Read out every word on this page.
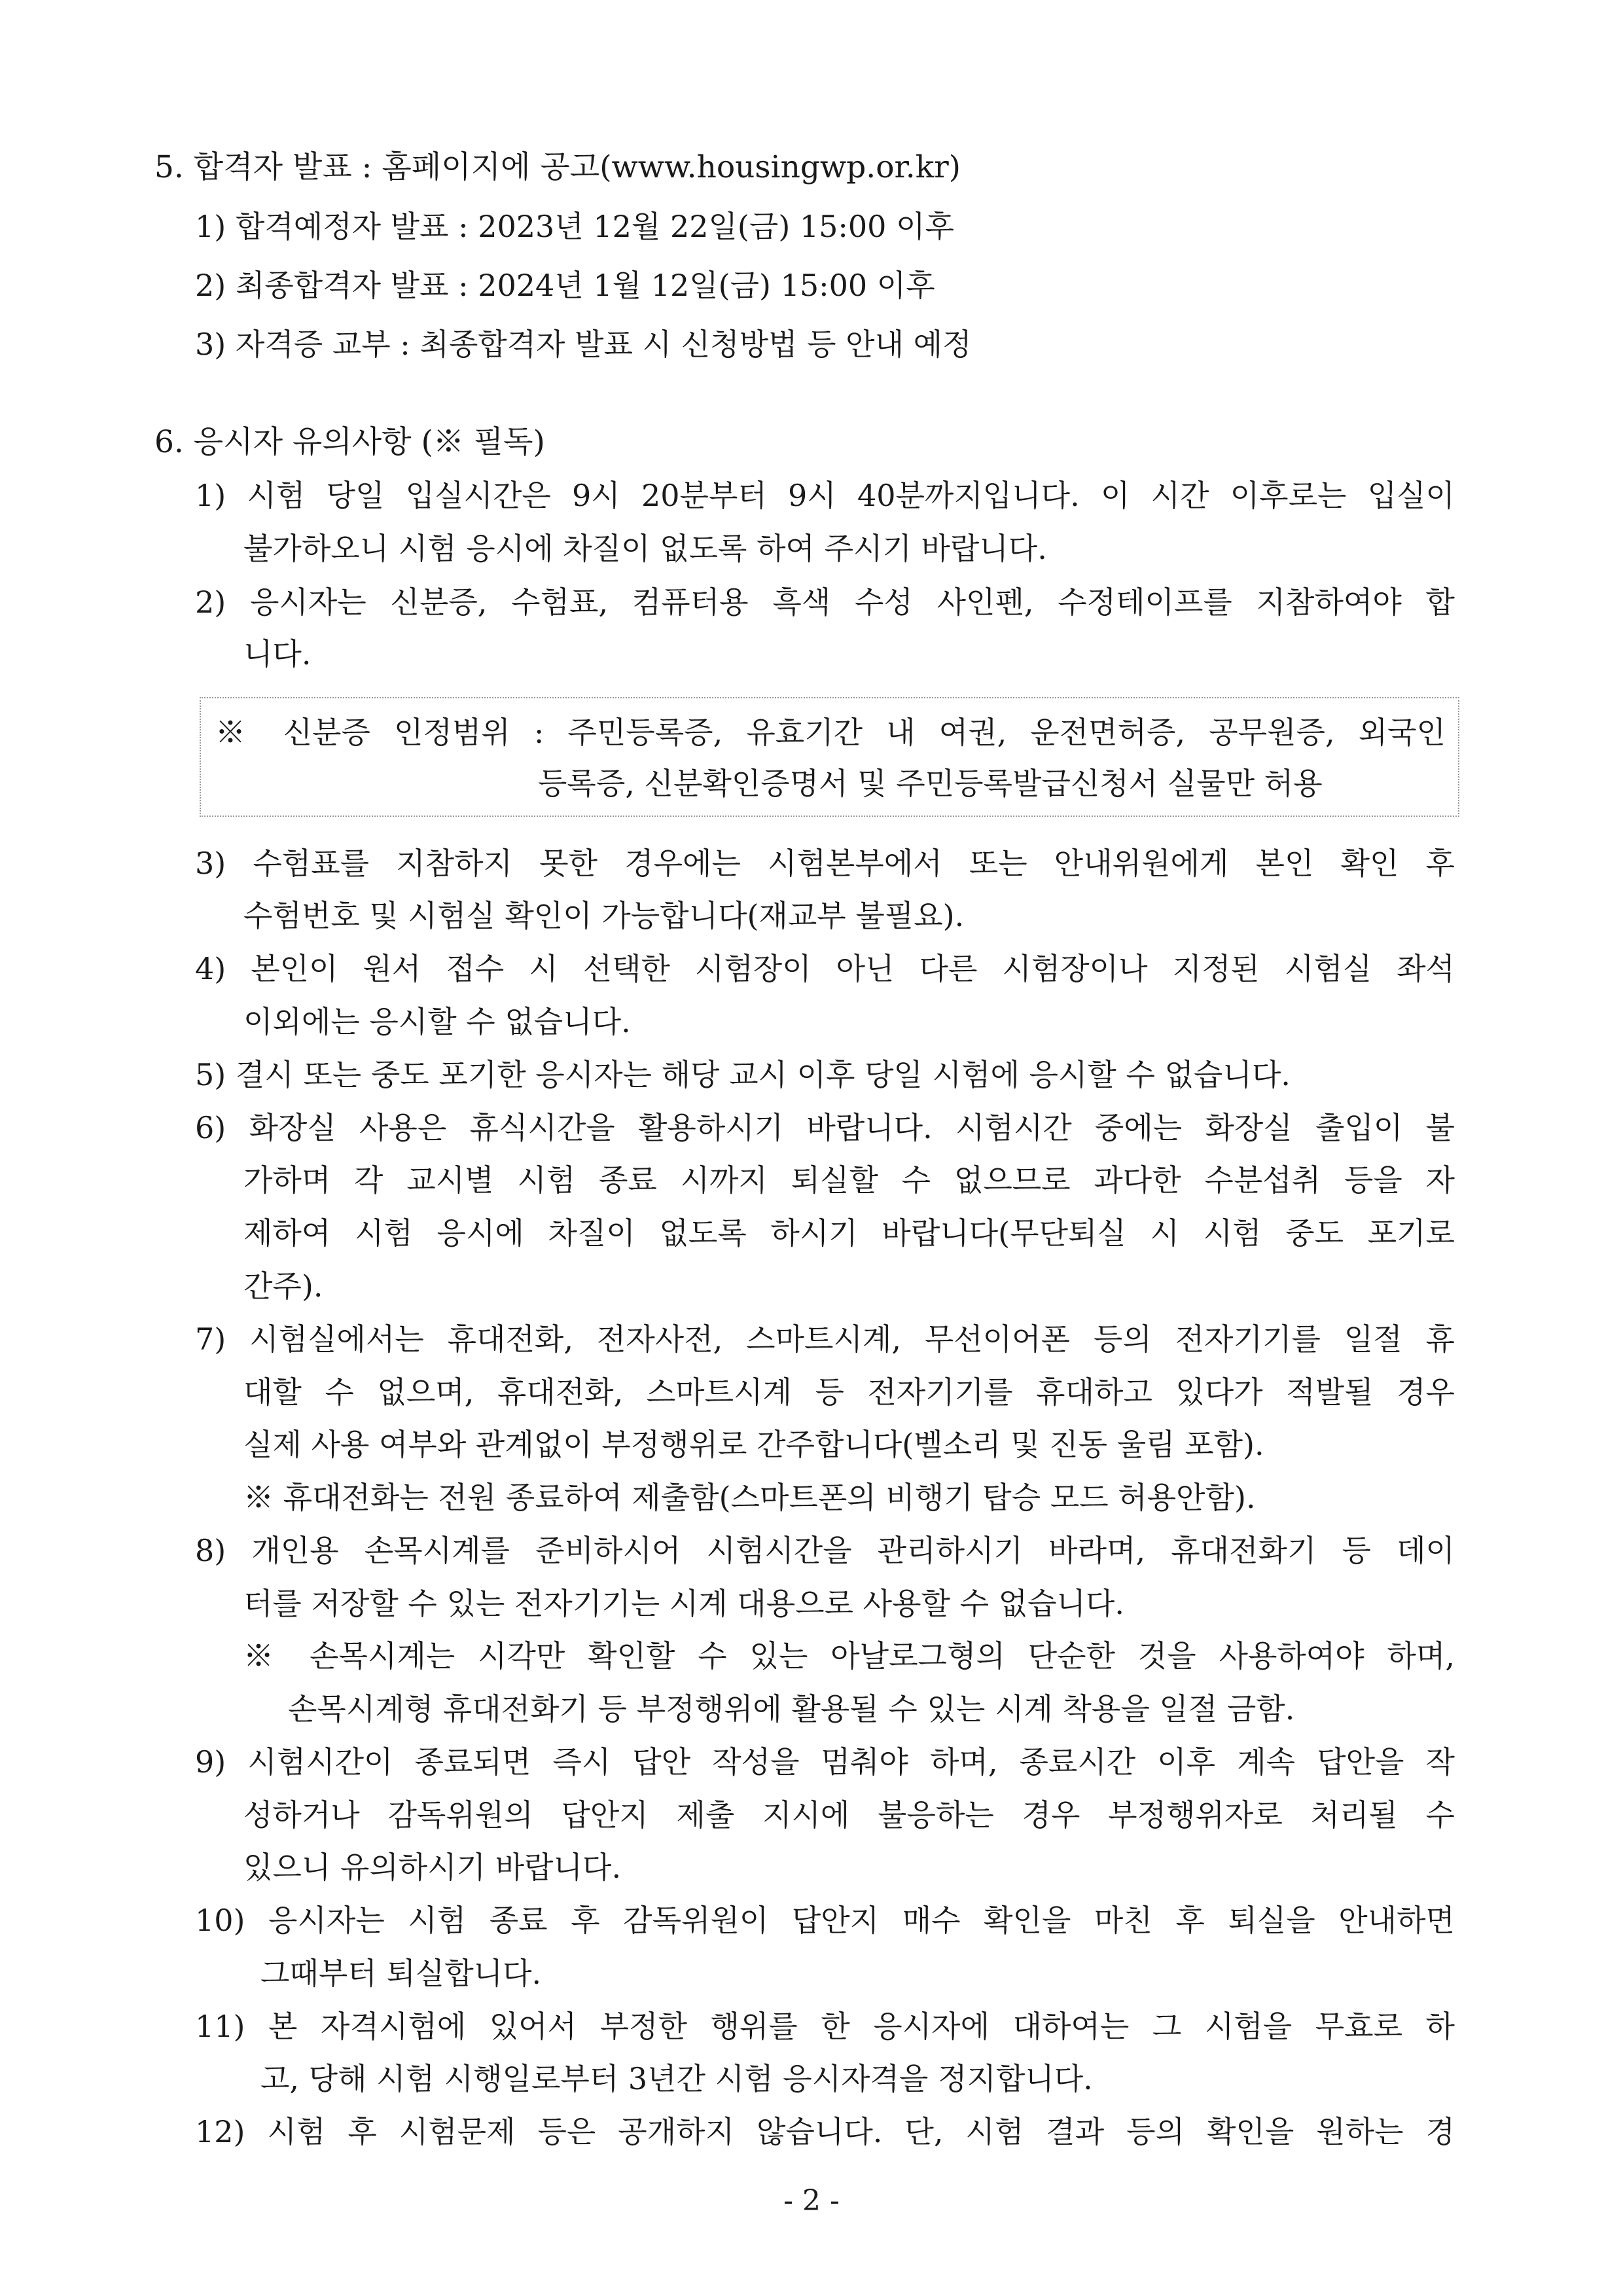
5. 합격자 발표 : 홈페이지에 공고(www.housingwp.or.kr)
1) 합격예정자 발표 : 2023년 12월 22일(금) 15:00 이후
2) 최종합격자 발표 : 2024년 1월 12일(금) 15:00 이후
3) 자격증 교부 : 최종합격자 발표 시 신청방법 등 안내 예정
6. 응시자 유의사항 (※ 필독)
1) 시험 당일 입실시간은 9시 20분부터 9시 40분까지입니다. 이 시간 이후로는 입실이
불가하오니 시험 응시에 차질이 없도록 하여 주시기 바랍니다.
2) 응시자는 신분증, 수험표, 컴퓨터용 흑색 수성 사인펜, 수정테이프를 지참하여야 합
니다.
※ 신분증 인정범위 : 주민등록증, 유효기간 내 여권, 운전면허증, 공무원증, 외국인
등록증, 신분확인증명서 및 주민등록발급신청서 실물만 허용
3) 수험표를 지참하지 못한 경우에는 시험본부에서 또는 안내위원에게 본인 확인 후
수험번호 및 시험실 확인이 가능합니다(재교부 불필요).
4) 본인이 원서 접수 시 선택한 시험장이 아닌 다른 시험장이나 지정된 시험실 좌석
이외에는 응시할 수 없습니다.
5) 결시 또는 중도 포기한 응시자는 해당 교시 이후 당일 시험에 응시할 수 없습니다.
6) 화장실 사용은 휴식시간을 활용하시기 바랍니다. 시험시간 중에는 화장실 출입이 불
가하며 각 교시별 시험 종료 시까지 퇴실할 수 없으므로 과다한 수분섭취 등을 자
제하여 시험 응시에 차질이 없도록 하시기 바랍니다(무단퇴실 시 시험 중도 포기로
간주).
7) 시험실에서는 휴대전화, 전자사전, 스마트시계, 무선이어폰 등의 전자기기를 일절 휴
대할 수 없으며, 휴대전화, 스마트시계 등 전자기기를 휴대하고 있다가 적발될 경우
실제 사용 여부와 관계없이 부정행위로 간주합니다(벨소리 및 진동 울림 포함).
※ 휴대전화는 전원 종료하여 제출함(스마트폰의 비행기 탑승 모드 허용안함).
8) 개인용 손목시계를 준비하시어 시험시간을 관리하시기 바라며, 휴대전화기 등 데이
터를 저장할 수 있는 전자기기는 시계 대용으로 사용할 수 없습니다.
※ 손목시계는 시각만 확인할 수 있는 아날로그형의 단순한 것을 사용하여야 하며,
손목시계형 휴대전화기 등 부정행위에 활용될 수 있는 시계 착용을 일절 금함.
9) 시험시간이 종료되면 즉시 답안 작성을 멈춰야 하며, 종료시간 이후 계속 답안을 작
성하거나 감독위원의 답안지 제출 지시에 불응하는 경우 부정행위자로 처리될 수
있으니 유의하시기 바랍니다.
10) 응시자는 시험 종료 후 감독위원이 답안지 매수 확인을 마친 후 퇴실을 안내하면
그때부터 퇴실합니다.
11) 본 자격시험에 있어서 부정한 행위를 한 응시자에 대하여는 그 시험을 무효로 하
고, 당해 시험 시행일로부터 3년간 시험 응시자격을 정지합니다.
12) 시험 후 시험문제 등은 공개하지 않습니다. 단, 시험 결과 등의 확인을 원하는 경
- 2 -
